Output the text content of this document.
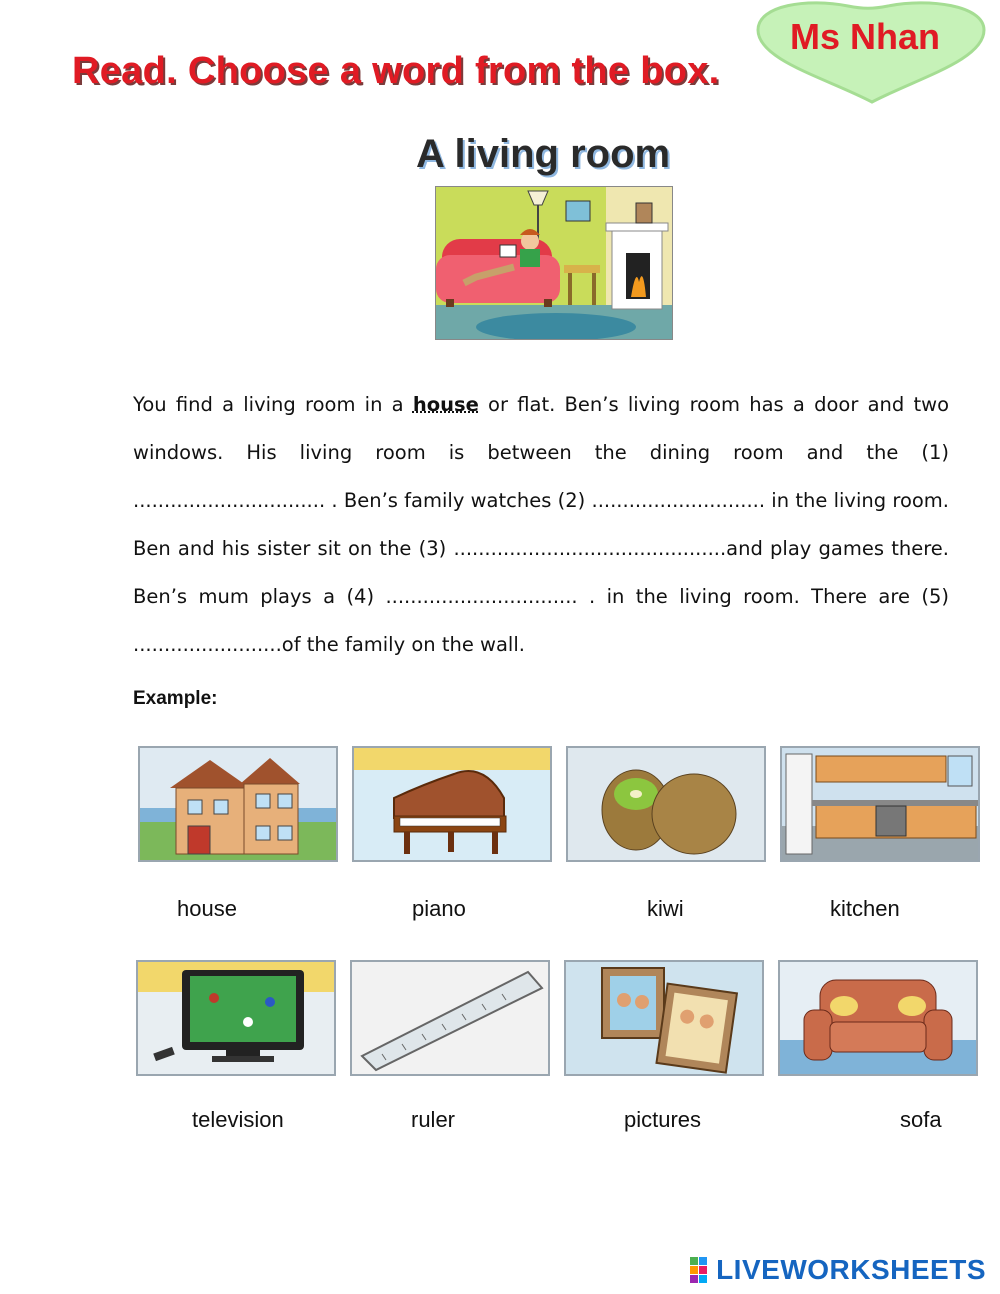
Read. Choose a word from the box.
Ms Nhan
A living room
You find a living room in a house or flat. Ben’s living room has a door and two
windows. His living room is between the dining room and the (1)
............................... . Ben’s family watches (2) ............................ in the living room.
Ben and his sister sit on the (3) ............................................and play games there.
Ben’s mum plays a (4) ............................... . in the living room. There are (5)
........................of the family on the wall.
Example:
house	piano	kiwi	kitchen
television	ruler	pictures	sofa
LIVEWORKSHEETS
